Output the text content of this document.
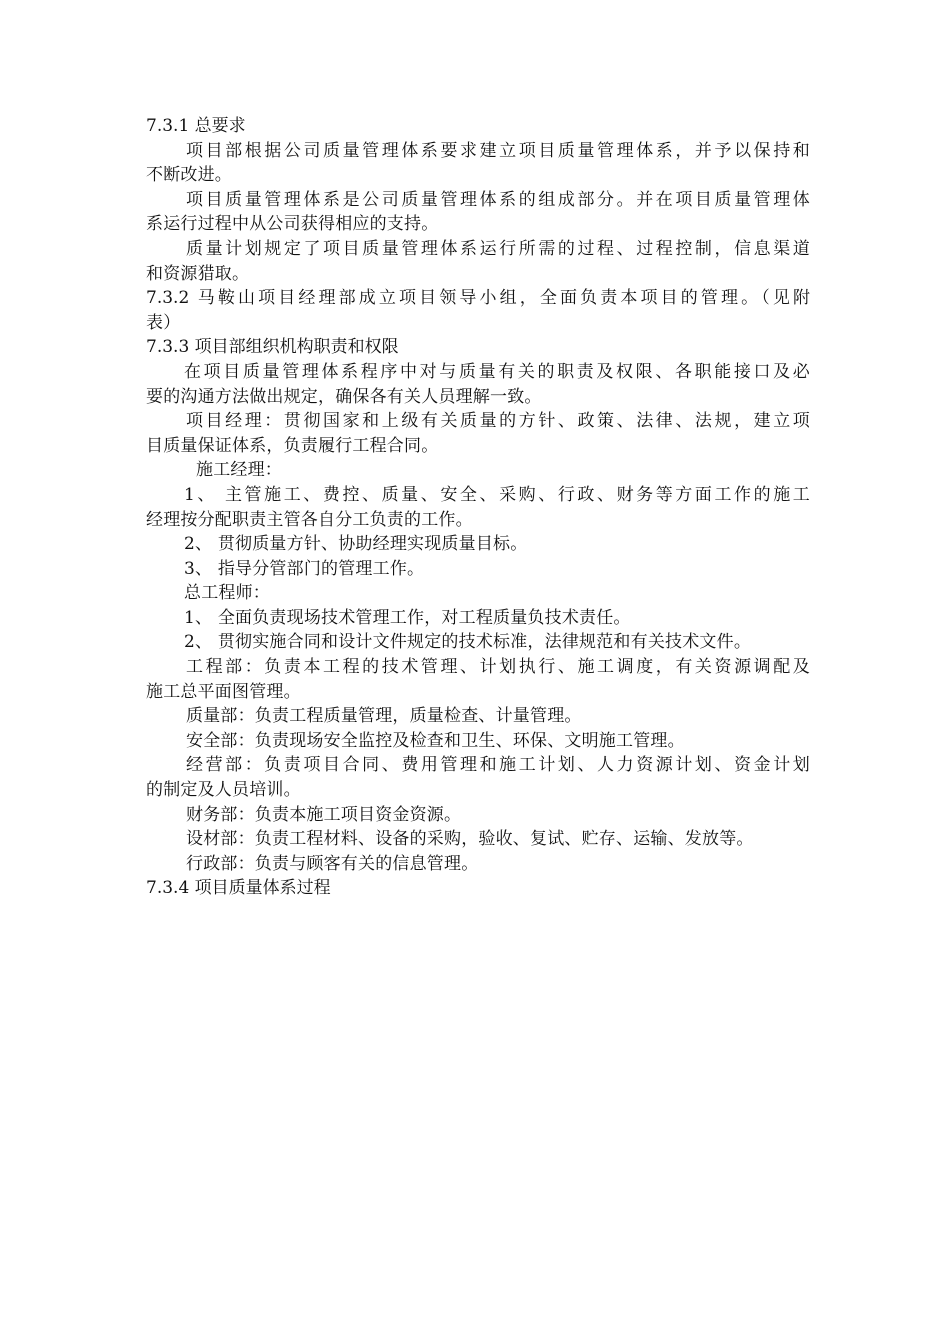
7.3.1 总要求
项目部根据公司质量管理体系要求建立项目质量管理体系，并予以保持和
不断改进。
项目质量管理体系是公司质量管理体系的组成部分。并在项目质量管理体
系运行过程中从公司获得相应的支持。
质量计划规定了项目质量管理体系运行所需的过程、过程控制，信息渠道
和资源猎取。
7.3.2 马鞍山项目经理部成立项目领导小组，全面负责本项目的管理。（见附
表）
7.3.3 项目部组织机构职责和权限
在项目质量管理体系程序中对与质量有关的职责及权限、各职能接口及必
要的沟通方法做出规定，确保各有关人员理解一致。
项目经理：贯彻国家和上级有关质量的方针、政策、法律、法规，建立项
目质量保证体系，负责履行工程合同。
施工经理：
1、 主管施工、费控、质量、安全、采购、行政、财务等方面工作的施工
经理按分配职责主管各自分工负责的工作。
2、 贯彻质量方针、协助经理实现质量目标。
3、 指导分管部门的管理工作。
总工程师：
1、 全面负责现场技术管理工作，对工程质量负技术责任。
2、 贯彻实施合同和设计文件规定的技术标准，法律规范和有关技术文件。
工程部：负责本工程的技术管理、计划执行、施工调度，有关资源调配及
施工总平面图管理。
质量部：负责工程质量管理，质量检查、计量管理。
安全部：负责现场安全监控及检查和卫生、环保、文明施工管理。
经营部：负责项目合同、费用管理和施工计划、人力资源计划、资金计划
的制定及人员培训。
财务部：负责本施工项目资金资源。
设材部：负责工程材料、设备的采购，验收、复试、贮存、运输、发放等。
行政部：负责与顾客有关的信息管理。
7.3.4 项目质量体系过程
